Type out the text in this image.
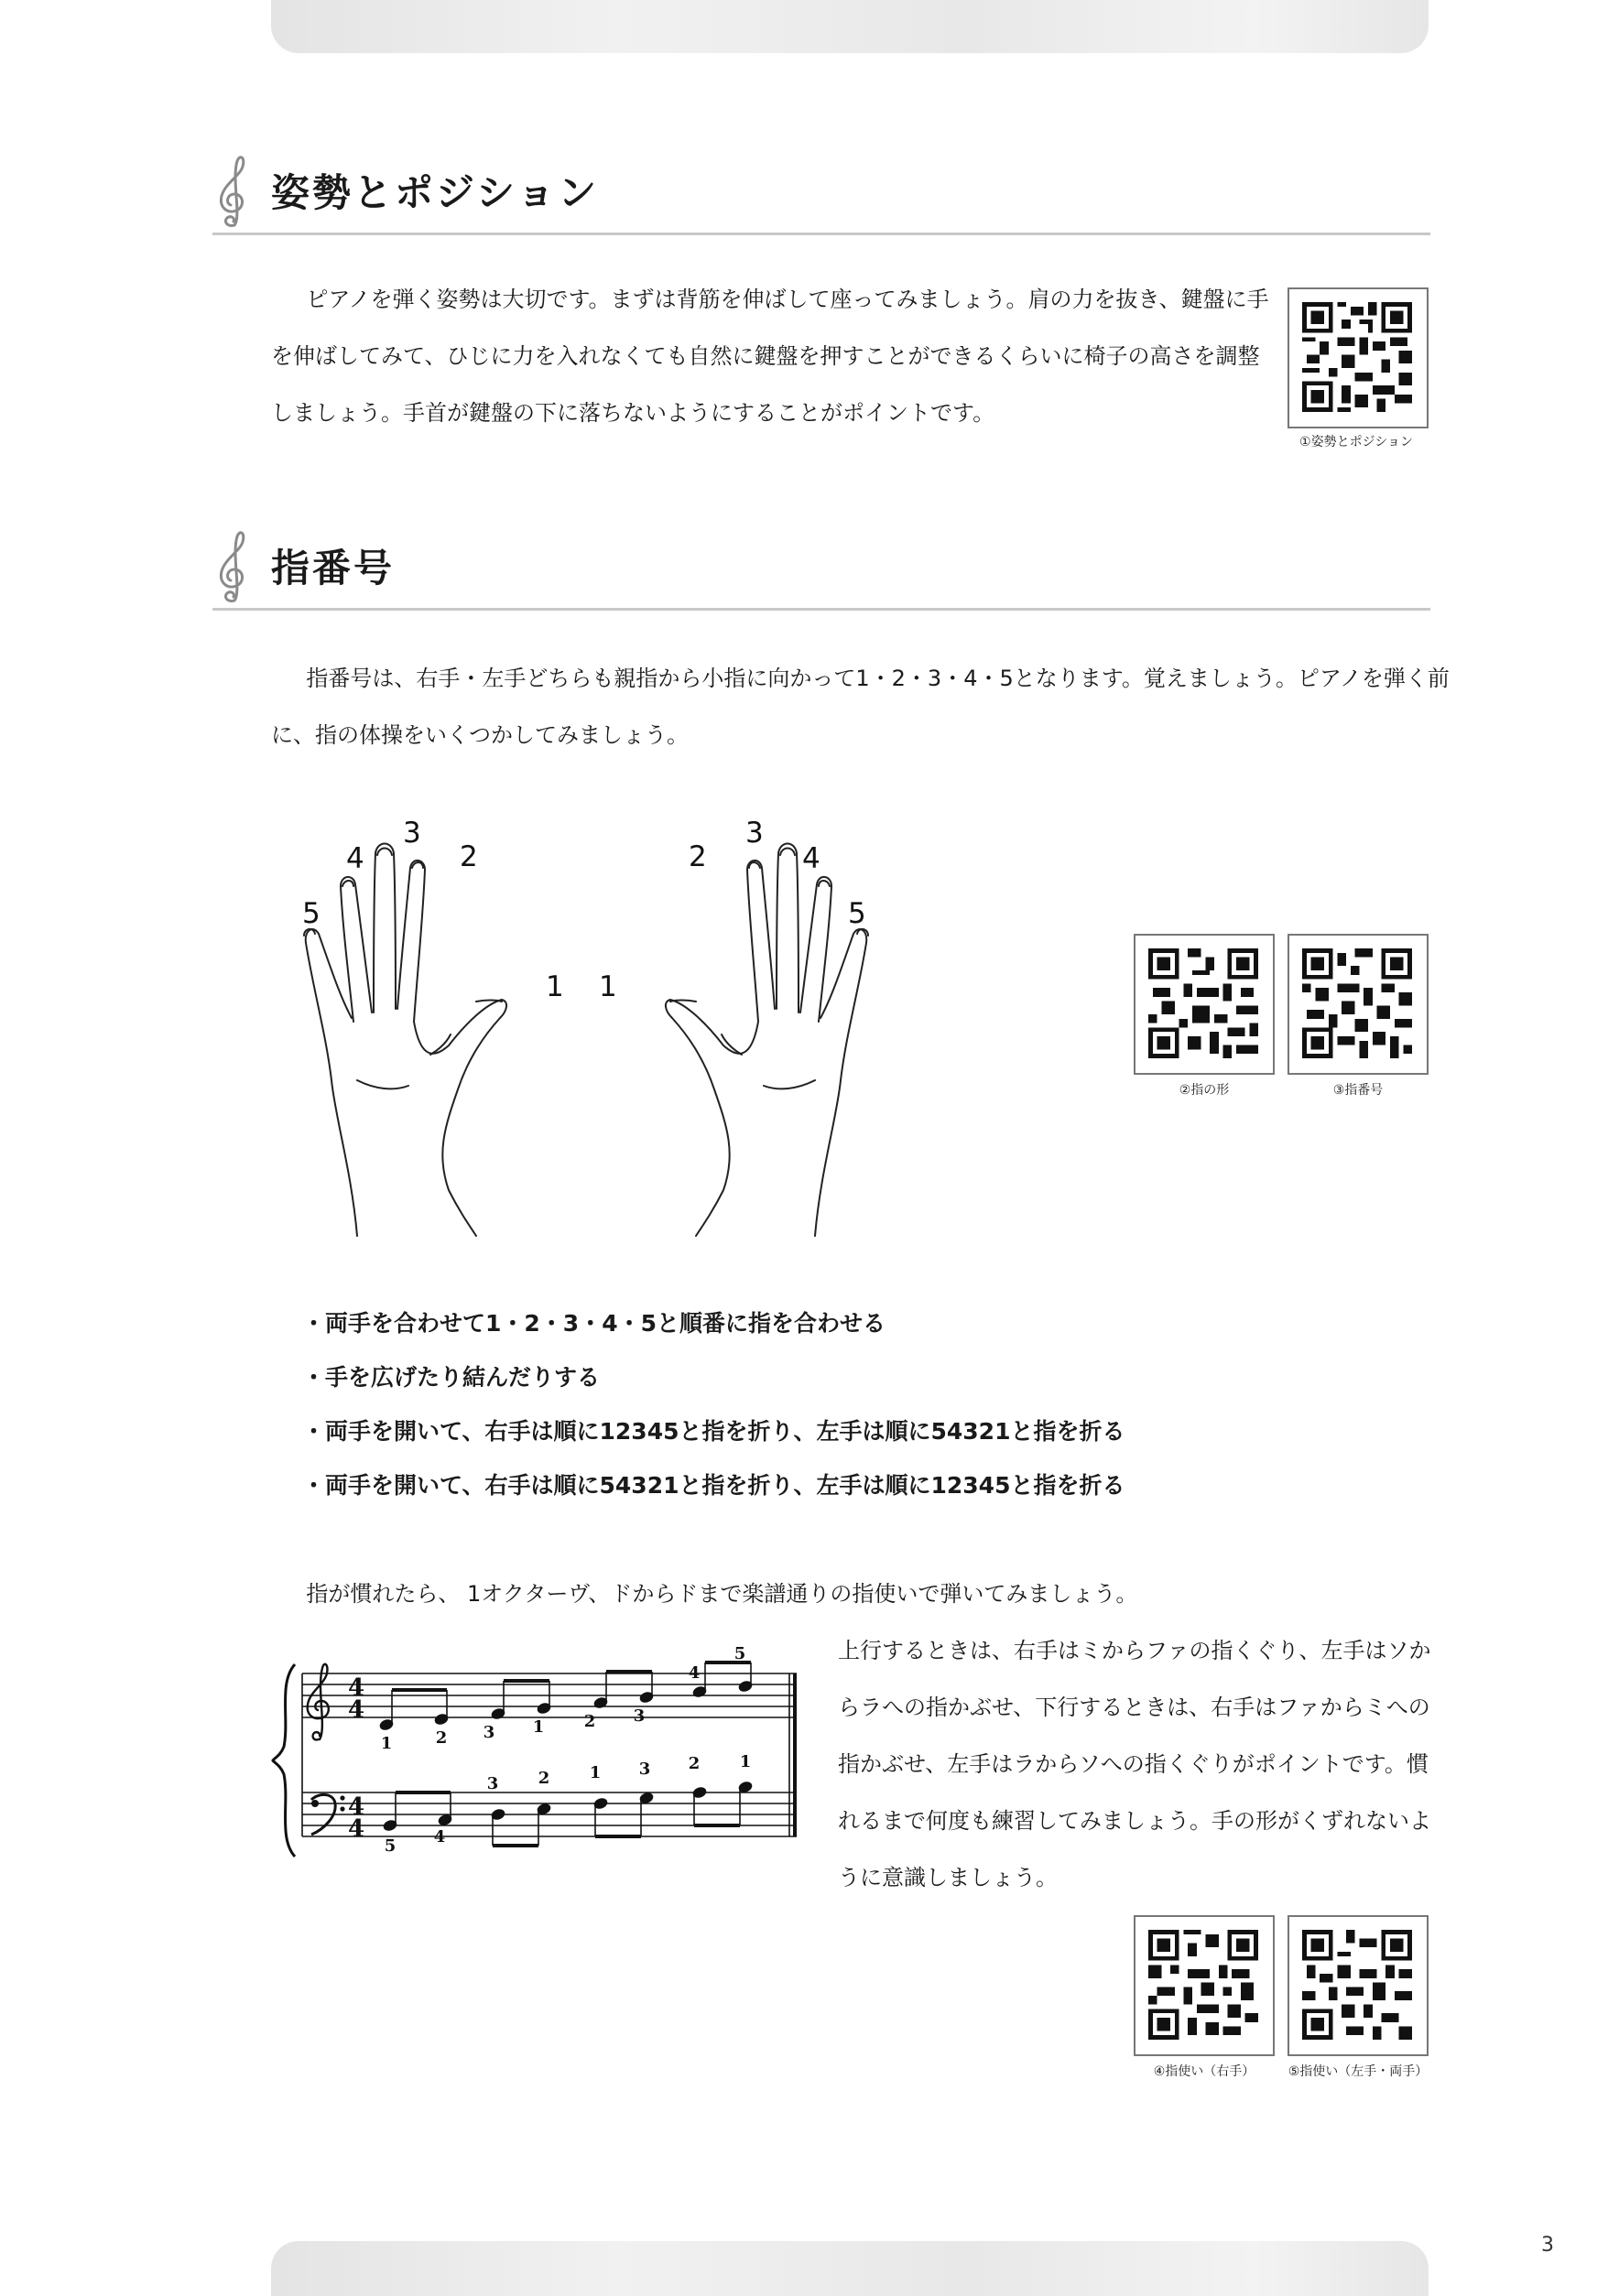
姿勢とポジション

ピアノを弾く姿勢は大切です。まずは背筋を伸ばして座ってみましょう。肩の力を抜き、鍵盤に手を伸ばしてみて、ひじに力を入れなくても自然に鍵盤を押すことができるくらいに椅子の高さを調整しましょう。手首が鍵盤の下に落ちないようにすることがポイントです。

①姿勢とポジション
指番号

指番号は、右手・左手どちらも親指から小指に向かって1・2・3・4・5となります。覚えましょう。ピアノを弾く前に、指の体操をいくつかしてみましょう。

5
4
3
2
1 1
2
3
4
5
②指の形	③指番号
・ 両手を合わせて1・2・3・4・5と順番に指を合わせる
・ 手を広げたり結んだりする
・ 両手を開いて、右手は順に12345と指を折り、左手は順に54321と指を折る
・ 両手を開いて、右手は順に54321と指を折り、左手は順に12345と指を折る

指が慣れたら、 1オクターヴ、ドからドまで楽譜通りの指使いで弾いてみましょう。

4
4
4
4
1	2 3 1 2 3
4
5
5 4
3 2 1 3 2 1

上行するときは、右手はミからファの指くぐり、左手はソからラへの指かぶせ、下行するときは、右手はファからミへの指かぶせ、左手はラからソへの指くぐりがポイントです。慣れるまで何度も練習してみましょう。手の形がくずれないように意識しましょう。

④指使い（右手）	⑤指使い（左手・両手）
3
